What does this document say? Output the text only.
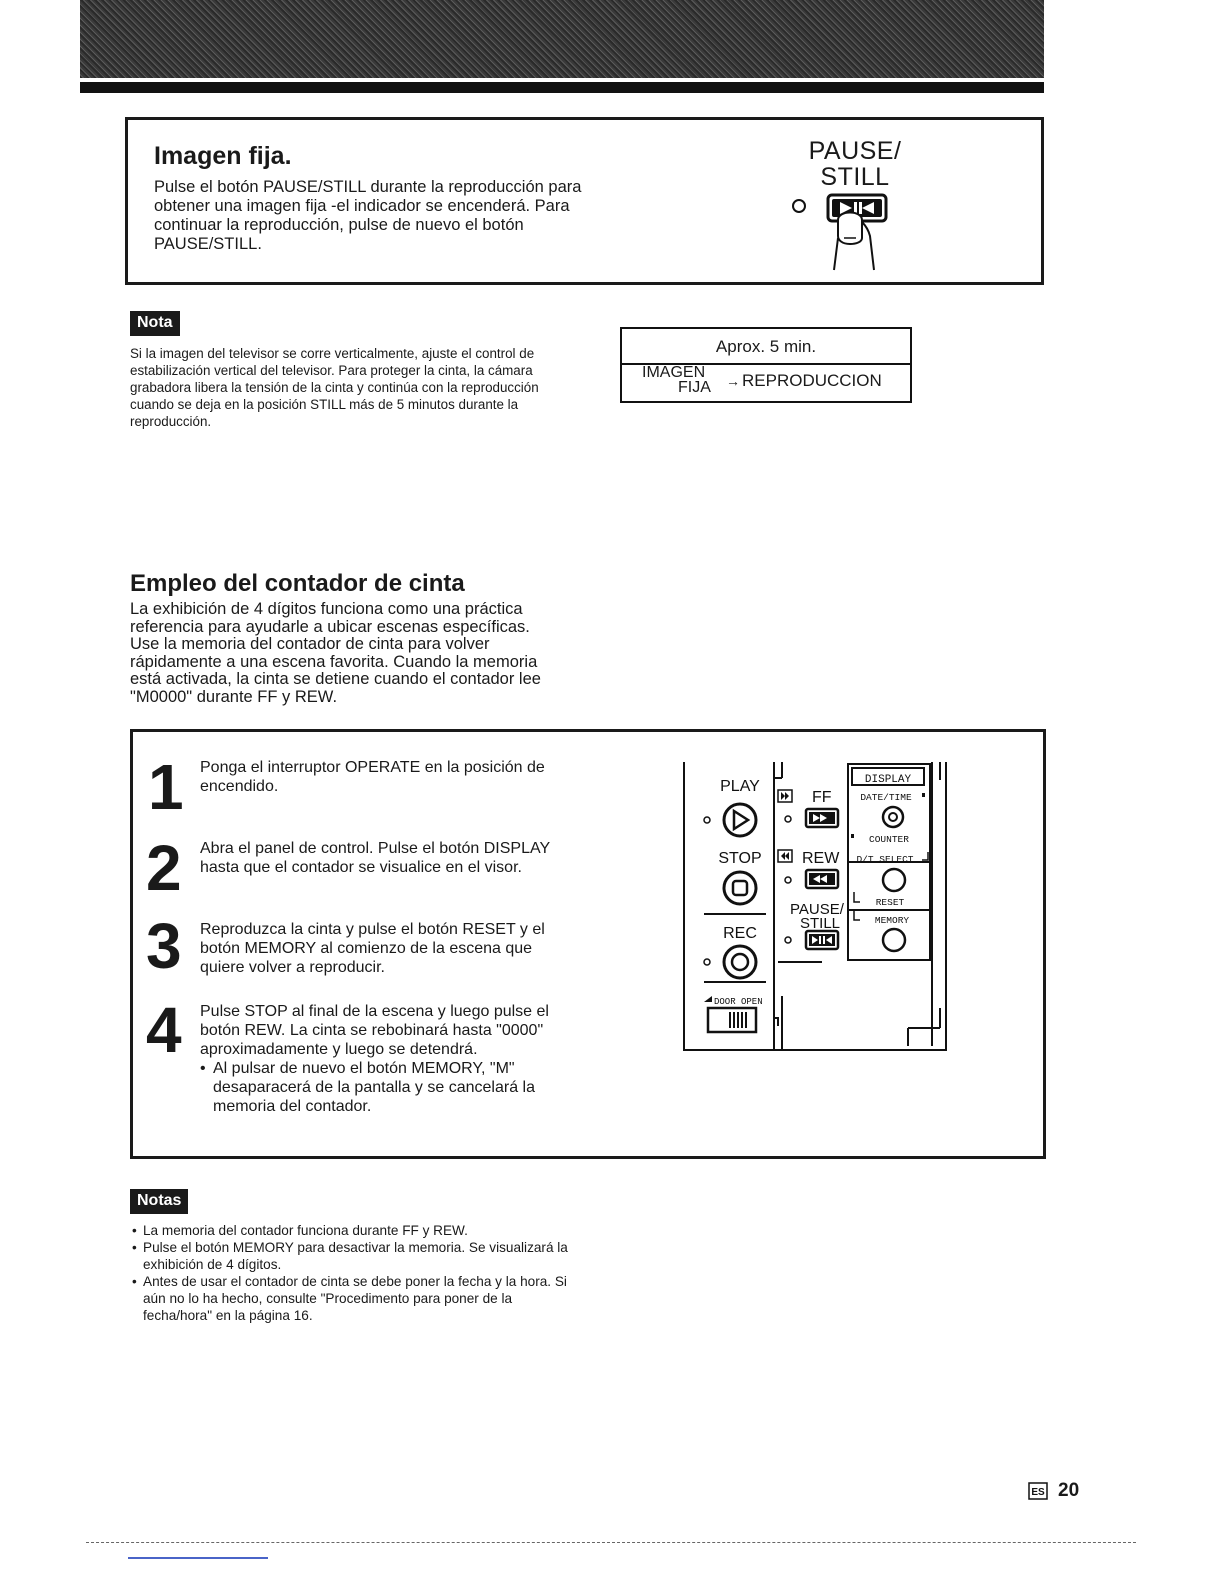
Imagen fija.
Pulse el botón PAUSE/STILL durante la reproducción para obtener una imagen fija -el indicador se encenderá. Para continuar la reproducción, pulse de nuevo el botón PAUSE/STILL.
PAUSE/
STILL
Nota
Si la imagen del televisor se corre verticalmente, ajuste el control de estabilización vertical del televisor. Para proteger la cinta, la cámara grabadora libera la tensión de la cinta y continúa con la reproducción cuando se deja en la posición STILL más de 5 minutos durante la reproducción.
Aprox. 5 min.
IMAGEN
FIJA → REPRODUCCION
Empleo del contador de cinta
La exhibición de 4 dígitos funciona como una práctica referencia para ayudarle a ubicar escenas específicas. Use la memoria del contador de cinta para volver rápidamente a una escena favorita. Cuando la memoria está activada, la cinta se detiene cuando el contador lee "M0000" durante FF y REW.
1 Ponga el interruptor OPERATE en la posición de encendido.
2 Abra el panel de control. Pulse el botón DISPLAY hasta que el contador se visualice en el visor.
3 Reproduzca la cinta y pulse el botón RESET y el botón MEMORY al comienzo de la escena que quiere volver a reproducir.
4 Pulse STOP al final de la escena y luego pulse el botón REW. La cinta se rebobinará hasta "0000" aproximadamente y luego se detendrá.
• Al pulsar de nuevo el botón MEMORY, "M" desaparacerá de la pantalla y se cancelará la memoria del contador.
PLAY
STOP
REC
DOOR OPEN
FF
REW
PAUSE/
STILL
DISPLAY
DATE/TIME
COUNTER
D/T SELECT
RESET
MEMORY
Notas
• La memoria del contador funciona durante FF y REW.
• Pulse el botón MEMORY para desactivar la memoria. Se visualizará la exhibición de 4 dígitos.
• Antes de usar el contador de cinta se debe poner la fecha y la hora. Si aún no lo ha hecho, consulte "Procedimento para poner de la fecha/hora" en la página 16.
ES 20
